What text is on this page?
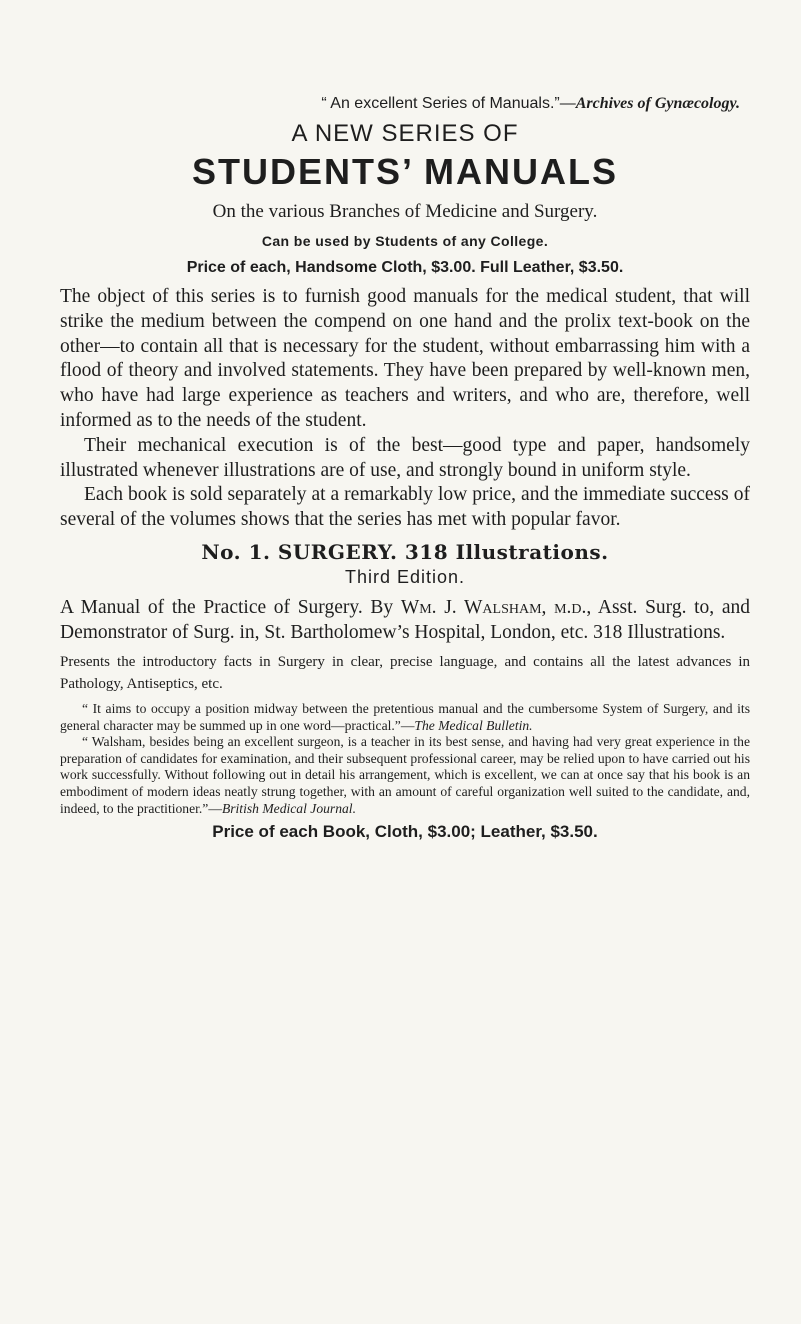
“ An excellent Series of Manuals.”—Archives of Gynæcology.
A NEW SERIES OF
STUDENTS’ MANUALS
On the various Branches of Medicine and Surgery.
Can be used by Students of any College.
Price of each, Handsome Cloth, $3.00. Full Leather, $3.50.

The object of this series is to furnish good manuals for the medical student, that will strike the medium between the compend on one hand and the prolix text-book on the other—to contain all that is necessary for the student, without embarrassing him with a flood of theory and involved statements. They have been prepared by well-known men, who have had large experience as teachers and writers, and who are, therefore, well informed as to the needs of the student.

Their mechanical execution is of the best—good type and paper, handsomely illustrated whenever illustrations are of use, and strongly bound in uniform style.

Each book is sold separately at a remarkably low price, and the immediate success of several of the volumes shows that the series has met with popular favor.

No. 1. SURGERY. 318 Illustrations.
Third Edition.
A Manual of the Practice of Surgery. By Wm. J. Walsham, m.d., Asst. Surg. to, and Demonstrator of Surg. in, St. Bartholomew’s Hospital, London, etc. 318 Illustrations.
Presents the introductory facts in Surgery in clear, precise language, and contains all the latest advances in Pathology, Antiseptics, etc.

“ It aims to occupy a position midway between the pretentious manual and the cumbersome System of Surgery, and its general character may be summed up in one word—practical.”—The Medical Bulletin.

“ Walsham, besides being an excellent surgeon, is a teacher in its best sense, and having had very great experience in the preparation of candidates for examination, and their subsequent professional career, may be relied upon to have carried out his work successfully. Without following out in detail his arrangement, which is excellent, we can at once say that his book is an embodiment of modern ideas neatly strung together, with an amount of careful organization well suited to the candidate, and, indeed, to the practitioner.”—British Medical Journal.

Price of each Book, Cloth, $3.00; Leather, $3.50.
